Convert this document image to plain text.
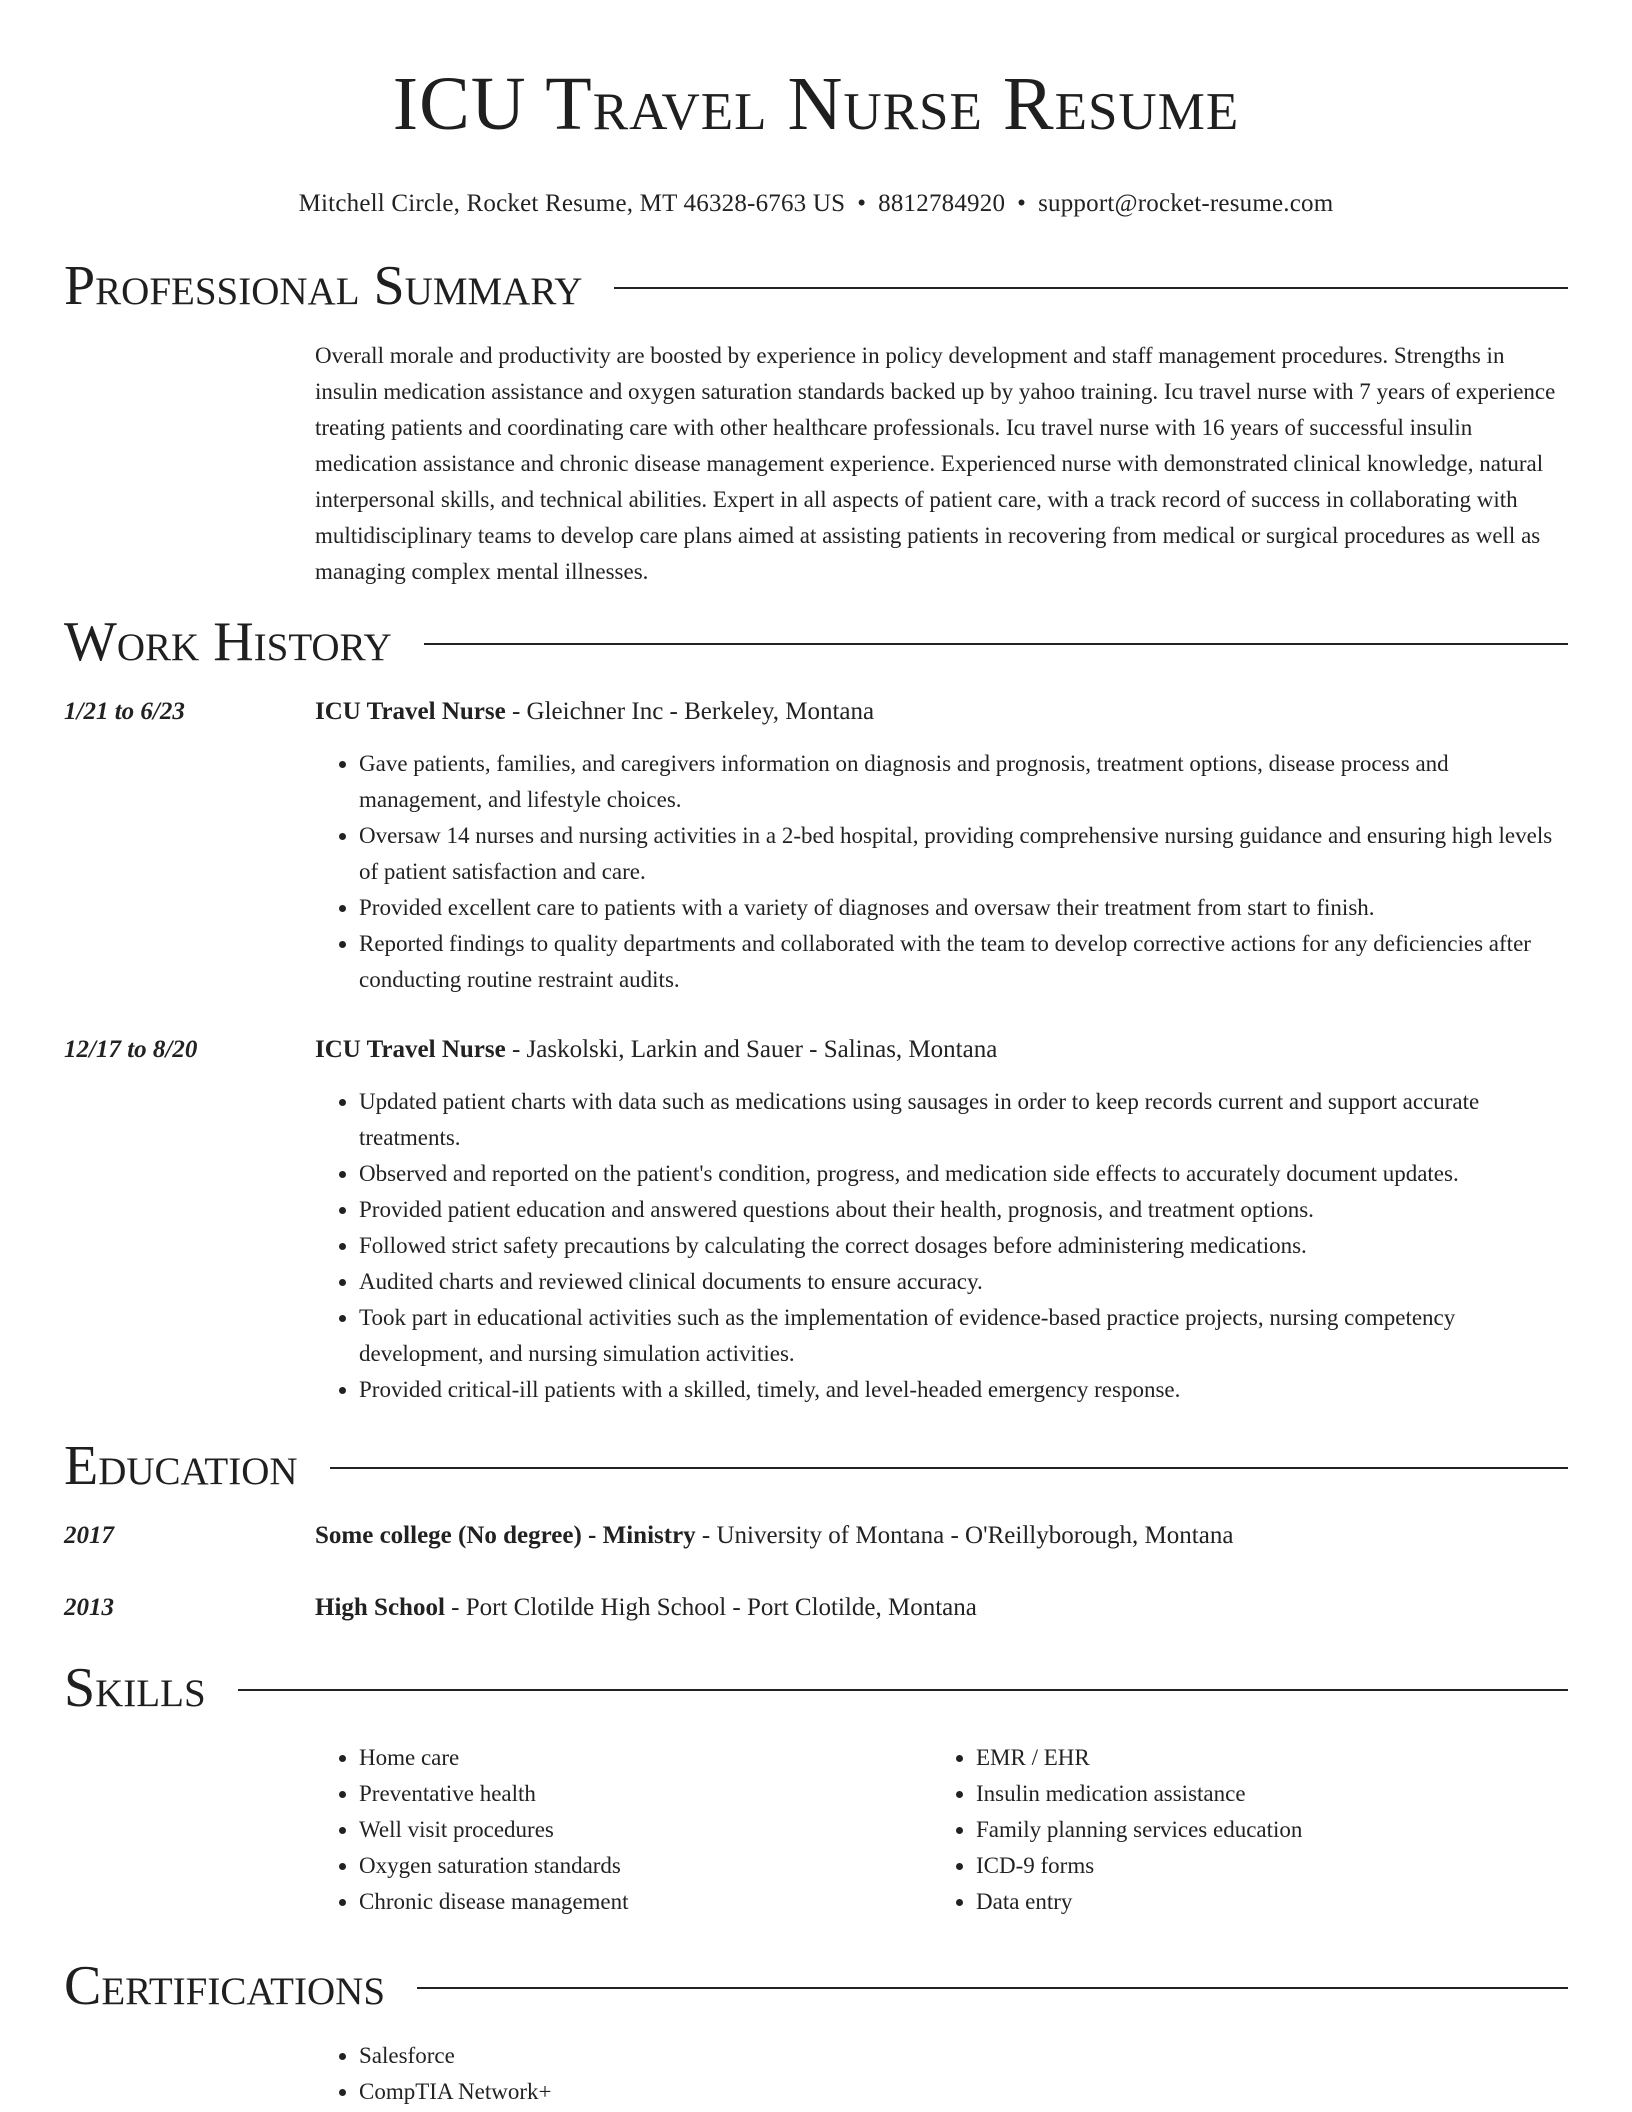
ICU Travel Nurse Resume
Mitchell Circle, Rocket Resume, MT 46328-6763 US • 8812784920 • support@rocket-resume.com
Professional Summary
Overall morale and productivity are boosted by experience in policy development and staff management procedures. Strengths in insulin medication assistance and oxygen saturation standards backed up by yahoo training. Icu travel nurse with 7 years of experience treating patients and coordinating care with other healthcare professionals. Icu travel nurse with 16 years of successful insulin medication assistance and chronic disease management experience. Experienced nurse with demonstrated clinical knowledge, natural interpersonal skills, and technical abilities. Expert in all aspects of patient care, with a track record of success in collaborating with multidisciplinary teams to develop care plans aimed at assisting patients in recovering from medical or surgical procedures as well as managing complex mental illnesses.
Work History
1/21 to 6/23	ICU Travel Nurse - Gleichner Inc - Berkeley, Montana
• Gave patients, families, and caregivers information on diagnosis and prognosis, treatment options, disease process and management, and lifestyle choices.
• Oversaw 14 nurses and nursing activities in a 2-bed hospital, providing comprehensive nursing guidance and ensuring high levels of patient satisfaction and care.
• Provided excellent care to patients with a variety of diagnoses and oversaw their treatment from start to finish.
• Reported findings to quality departments and collaborated with the team to develop corrective actions for any deficiencies after conducting routine restraint audits.
12/17 to 8/20	ICU Travel Nurse - Jaskolski, Larkin and Sauer - Salinas, Montana
• Updated patient charts with data such as medications using sausages in order to keep records current and support accurate treatments.
• Observed and reported on the patient's condition, progress, and medication side effects to accurately document updates.
• Provided patient education and answered questions about their health, prognosis, and treatment options.
• Followed strict safety precautions by calculating the correct dosages before administering medications.
• Audited charts and reviewed clinical documents to ensure accuracy.
• Took part in educational activities such as the implementation of evidence-based practice projects, nursing competency development, and nursing simulation activities.
• Provided critical-ill patients with a skilled, timely, and level-headed emergency response.
Education
2017	Some college (No degree) - Ministry - University of Montana - O'Reillyborough, Montana
2013	High School - Port Clotilde High School - Port Clotilde, Montana
Skills
• Home care
• Preventative health
• Well visit procedures
• Oxygen saturation standards
• Chronic disease management
• EMR / EHR
• Insulin medication assistance
• Family planning services education
• ICD-9 forms
• Data entry
Certifications
• Salesforce
• CompTIA Network+
